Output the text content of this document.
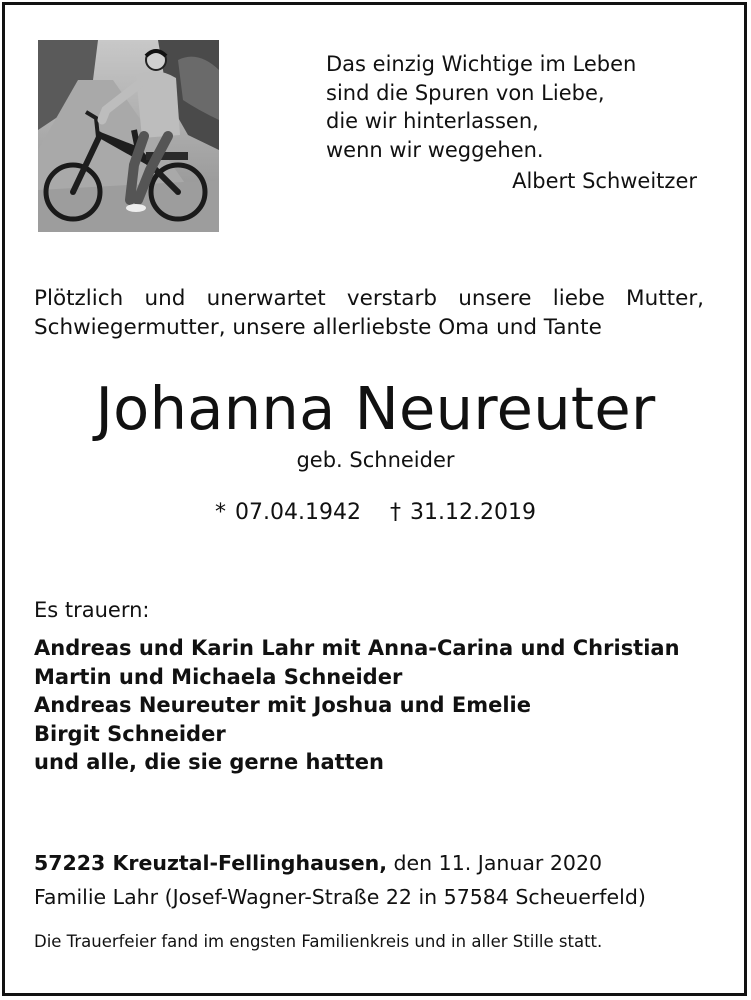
Das einzig Wichtige im Leben
sind die Spuren von Liebe,
die wir hinterlassen,
wenn wir weggehen.
Albert Schweitzer
Plötzlich und unerwartet verstarb unsere liebe Mutter,
Schwiegermutter, unsere allerliebste Oma und Tante
Johanna Neureuter
geb. Schneider
* 07.04.1942 † 31.12.2019
Es trauern:
Andreas und Karin Lahr mit Anna-Carina und Christian
Martin und Michaela Schneider
Andreas Neureuter mit Joshua und Emelie
Birgit Schneider
und alle, die sie gerne hatten
57223 Kreuztal-Fellinghausen, den 11. Januar 2020
Familie Lahr (Josef-Wagner-Straße 22 in 57584 Scheuerfeld)
Die Trauerfeier fand im engsten Familienkreis und in aller Stille statt.
